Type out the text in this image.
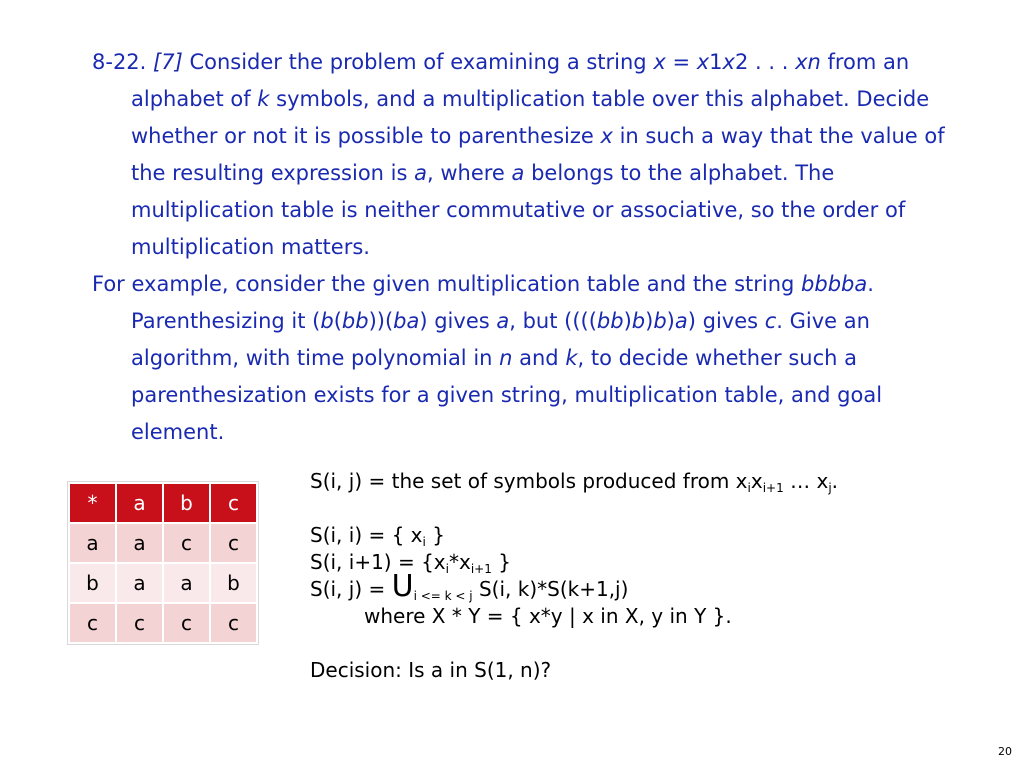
8-22. [7] Consider the problem of examining a string x = x1x2 . . . xn from an alphabet of k symbols, and a multiplication table over this alphabet. Decide whether or not it is possible to parenthesize x in such a way that the value of the resulting expression is a, where a belongs to the alphabet. The multiplication table is neither commutative or associative, so the order of multiplication matters.

For example, consider the given multiplication table and the string bbbba. Parenthesizing it (b(bb))(ba) gives a, but ((((bb)b)b)a) gives c. Give an algorithm, with time polynomial in n and k, to decide whether such a parenthesization exists for a given string, multiplication table, and goal element.

*	a	b	c
a	a	c	c
b	a	a	b
c	c	c	c
S(i, j) = the set of symbols produced from $x_ix_{i+1}$ … $x_j$.
S(i, i) = { $x_i$ }
S(i, $i+1) = \{x_i*x_{i+1}$ }
S(i, $j) = U_{i <= k < j}$ S(i, k)*S(k+1,j)
where X * Y = { x*y | x in X, y in Y }.
Decision: Is a in S(1, n)?
20
